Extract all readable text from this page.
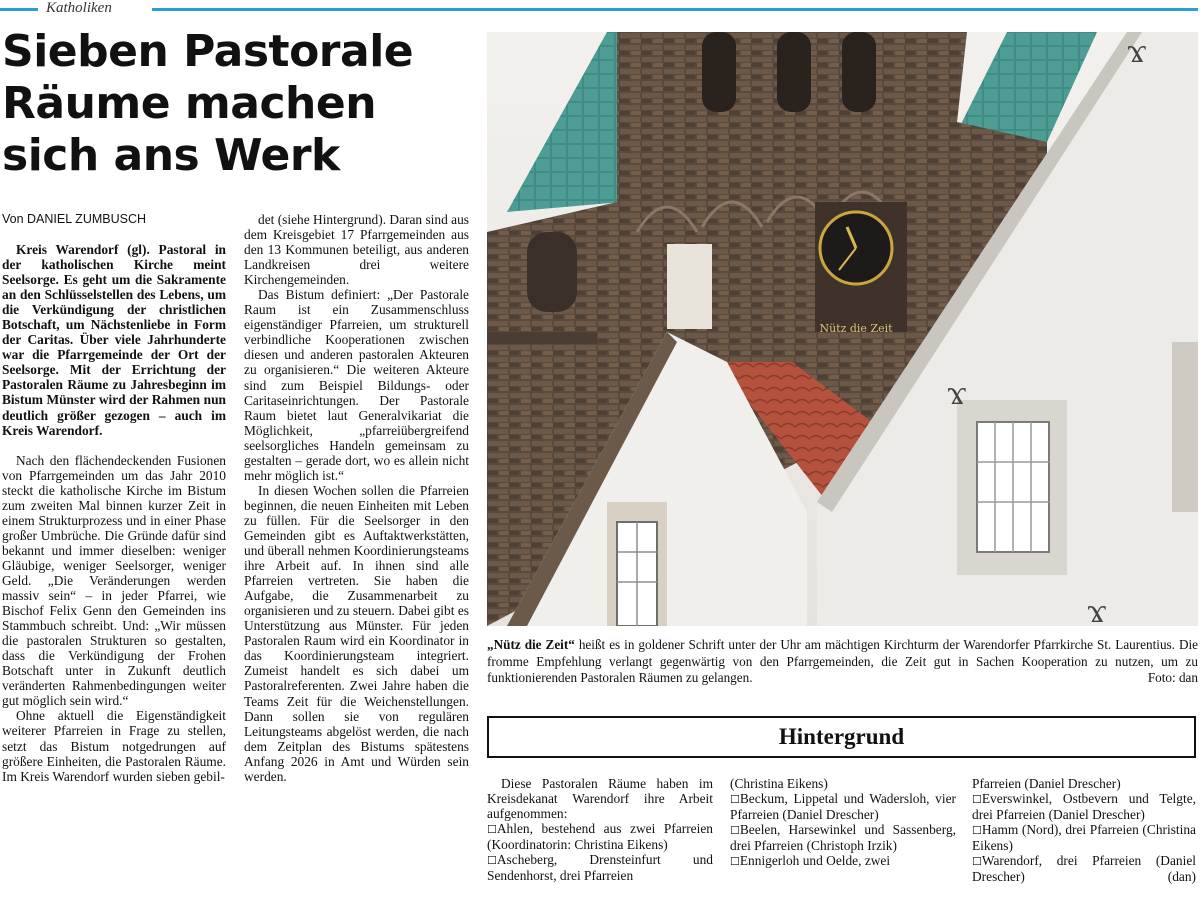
Katholiken
Sieben Pastorale Räume machen sich ans Werk
Von DANIEL ZUMBUSCH

Kreis Warendorf (gl). Pastoral in der katholischen Kirche meint Seelsorge. Es geht um die Sakramente an den Schlüsselstellen des Lebens, um die Verkündigung der christlichen Botschaft, um Nächstenliebe in Form der Caritas. Über viele Jahrhunderte war die Pfarrgemeinde der Ort der Seelsorge. Mit der Errichtung der Pastoralen Räume zu Jahresbeginn im Bistum Münster wird der Rahmen nun deutlich größer gezogen – auch im Kreis Warendorf.

Nach den flächendeckenden Fusionen von Pfarrgemeinden um das Jahr 2010 steckt die katholische Kirche im Bistum zum zweiten Mal binnen kurzer Zeit in einem Strukturprozess und in einer Phase großer Umbrüche. Die Gründe dafür sind bekannt und immer dieselben: weniger Gläubige, weniger Seelsorger, weniger Geld. „Die Veränderungen werden massiv sein“ – in jeder Pfarrei, wie Bischof Felix Genn den Gemeinden ins Stammbuch schreibt. Und: „Wir müssen die pastoralen Strukturen so gestalten, dass die Verkündigung der Frohen Botschaft unter in Zukunft deutlich veränderten Rahmenbedingungen weiter gut möglich sein wird.“

Ohne aktuell die Eigenständigkeit weiterer Pfarreien in Frage zu stellen, setzt das Bistum notgedrungen auf größere Einheiten, die Pastoralen Räume. Im Kreis Warendorf wurden sieben gebil-

det (siehe Hintergrund). Daran sind aus dem Kreisgebiet 17 Pfarrgemeinden aus den 13 Kommunen beteiligt, aus anderen Landkreisen drei weitere Kirchengemeinden.

Das Bistum definiert: „Der Pastorale Raum ist ein Zusammenschluss eigenständiger Pfarreien, um strukturell verbindliche Kooperationen zwischen diesen und anderen pastoralen Akteuren zu organisieren.“ Die weiteren Akteure sind zum Beispiel Bildungs- oder Caritaseinrichtungen. Der Pastorale Raum bietet laut Generalvikariat die Möglichkeit, „pfarreiübergreifend seelsorgliches Handeln gemeinsam zu gestalten – gerade dort, wo es allein nicht mehr möglich ist.“

In diesen Wochen sollen die Pfarreien beginnen, die neuen Einheiten mit Leben zu füllen. Für die Seelsorger in den Gemeinden gibt es Auftaktwerkstätten, und überall nehmen Koordinierungsteams ihre Arbeit auf. In ihnen sind alle Pfarreien vertreten. Sie haben die Aufgabe, die Zusammenarbeit zu organisieren und zu steuern. Dabei gibt es Unterstützung aus Münster. Für jeden Pastoralen Raum wird ein Koordinator in das Koordinierungsteam integriert. Zumeist handelt es sich dabei um Pastoralreferenten. Zwei Jahre haben die Teams Zeit für die Weichenstellungen. Dann sollen sie von regulären Leitungsteams abgelöst werden, die nach dem Zeitplan des Bistums spätestens Anfang 2026 in Amt und Würden sein werden.

Nütz die Zeit
ϫ
ϫ
ϫ
„Nütz die Zeit“ heißt es in goldener Schrift unter der Uhr am mächtigen Kirchturm der Warendorfer Pfarrkirche St. Laurentius. Die fromme Empfehlung verlangt gegenwärtig von den Pfarrgemeinden, die Zeit gut in Sachen Kooperation zu nutzen, um zu funktionierenden Pastoralen Räumen zu gelangen.	Foto: dan
Hintergrund

Diese Pastoralen Räume haben im Kreisdekanat Warendorf ihre Arbeit aufgenommen:

☐Ahlen, bestehend aus zwei Pfarreien (Koordinatorin: Christina Eikens)

☐Ascheberg, Drensteinfurt und Sendenhorst, drei Pfarreien

(Christina Eikens)

☐Beckum, Lippetal und Wadersloh, vier Pfarreien (Daniel Drescher)

☐Beelen, Harsewinkel und Sassenberg, drei Pfarreien (Christoph Irzik)

☐Ennigerloh und Oelde, zwei

Pfarreien (Daniel Drescher)

☐Everswinkel, Ostbevern und Telgte, drei Pfarreien (Daniel Drescher)

☐Hamm (Nord), drei Pfarreien (Christina Eikens)

☐Warendorf, drei Pfarreien (Daniel Drescher)	(dan)
